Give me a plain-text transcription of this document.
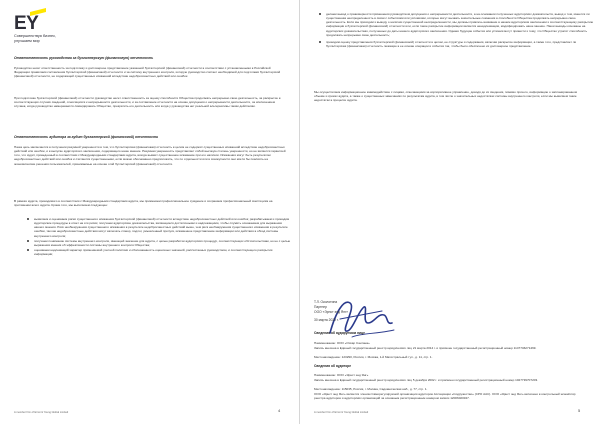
EY
Совершенствуя бизнес, улучшаем мир

Ответственность руководства за бухгалтерскую (финансовую) отчетность

Руководство несет ответственность за подготовку и достоверное представление указанной бухгалтерской (финансовой) отчетности в соответствии с установленными в Российской Федерации правилами составления бухгалтерской (финансовой) отчетности и за систему внутреннего контроля, которую руководство считает необходимой для подготовки бухгалтерской (финансовой) отчетности, не содержащей существенных искажений вследствие недобросовестных действий или ошибок.

При подготовке бухгалтерской (финансовой) отчетности руководство несет ответственность за оценку способности Общества продолжать непрерывно свою деятельность, за раскрытие в соответствующих случаях сведений, относящихся к непрерывности деятельности, и за составление отчетности на основе допущения о непрерывности деятельности, за исключением случаев, когда руководство намеревается ликвидировать Общество, прекратить его деятельность или когда у руководства нет реальной альтернативы таким действиям.

Ответственность аудитора за аудит бухгалтерской (финансовой) отчетности

Наша цель заключается в получении разумной уверенности в том, что бухгалтерская (финансовая) отчетность в целом не содержит существенных искажений вследствие недобросовестных действий или ошибок, и в выпуске аудиторского заключения, содержащего наше мнение. Разумная уверенность представляет собой высокую степень уверенности, но не является гарантией того, что аудит, проведенный в соответствии с Международными стандартами аудита, всегда выявит существенное искажение при его наличии. Искажения могут быть результатом недобросовестных действий или ошибок и считаются существенными, если можно обоснованно предположить, что по отдельности или в совокупности они могли бы повлиять на экономические решения пользователей, принимаемые на основе этой бухгалтерской (финансовой) отчетности.

В рамках аудита, проводимого в соответствии с Международными стандартами аудита, мы применяем профессиональное суждение и сохраняем профессиональный скептицизм на протяжении всего аудита. Кроме того, мы выполняем следующее:

выявляем и оцениваем риски существенного искажения бухгалтерской (финансовой) отчетности вследствие недобросовестных действий или ошибок; разрабатываем и проводим аудиторские процедуры в ответ на эти риски; получаем аудиторские доказательства, являющиеся достаточными и надлежащими, чтобы служить основанием для выражения нашего мнения. Риск необнаружения существенного искажения в результате недобросовестных действий выше, чем риск необнаружения существенного искажения в результате ошибки, так как недобросовестные действия могут включать сговор, подлог, умышленный пропуск, искаженное представление информации или действия в обход системы внутреннего контроля;
получаем понимание системы внутреннего контроля, имеющей значение для аудита, с целью разработки аудиторских процедур, соответствующих обстоятельствам, но не с целью выражения мнения об эффективности системы внутреннего контроля Общества;
оцениваем надлежащий характер применяемой учетной политики и обоснованность оценочных значений, рассчитанных руководством, и соответствующего раскрытия информации;
A member firm of Ernst & Young Global Limited	4
делаем вывод о правомерности применения руководством допущения о непрерывности деятельности, а на основании полученных аудиторских доказательств, вывод о том, имеется ли существенная неопределенность в связи с событиями или условиями, которые могут вызвать значительные сомнения в способности Общества продолжать непрерывно свою деятельность. Если мы приходим к выводу о наличии существенной неопределенности, мы должны привлечь внимание в нашем аудиторском заключении к соответствующему раскрытию информации в бухгалтерской (финансовой) отчетности или, если такое раскрытие информации является ненадлежащим, модифицировать наше мнение. Наши выводы основаны на аудиторских доказательствах, полученных до даты нашего аудиторского заключения. Однако будущие события или условия могут привести к тому, что Общество утратит способность продолжать непрерывно свою деятельность;
проводим оценку представления бухгалтерской (финансовой) отчетности в целом, ее структуры и содержания, включая раскрытие информации, а также того, представляет ли бухгалтерская (финансовая) отчетность лежащие в ее основе операции и события так, чтобы было обеспечено их достоверное представление.

Мы осуществляем информационное взаимодействие с лицами, отвечающими за корпоративное управление, доводя до их сведения, помимо прочего, информацию о запланированном объеме и сроках аудита, а также о существенных замечаниях по результатам аудита, в том числе о значительных недостатках системы внутреннего контроля, если мы выявляем такие недостатки в процессе аудита.

Т.Л. Околотина

Партнер

ООО «Эрнст энд Янг»

30 марта 2020 г.

Сведения об аудируемом лице

Наименование: ООО «Оскар Сантана»

Запись внесена в Единый государственный реестр юридических лиц 21 марта 2014 г. и присвоен государственный регистрационный номер 1147746271469.

Местонахождение: 123290, Россия, г. Москва, 1-й Магистральный туп., д. 11, стр. 1.

Сведения об аудиторе

Наименование: ООО «Эрнст энд Янг»

Запись внесена в Единый государственный реестр юридических лиц 5 декабря 2002 г. и присвоен государственный регистрационный номер 1027739707203.

Местонахождение: 115035, Россия, г. Москва, Садовническая наб., д. 77, стр. 1.

ООО «Эрнст энд Янг» является членом Саморегулируемой организации аудиторов Ассоциации «Содружество» (СРО ААС). ООО «Эрнст энд Янг» включено в контрольный экземпляр реестра аудиторов и аудиторских организаций за основным регистрационным номером записи 12006020327.

A member firm of Ernst & Young Global Limited	5
